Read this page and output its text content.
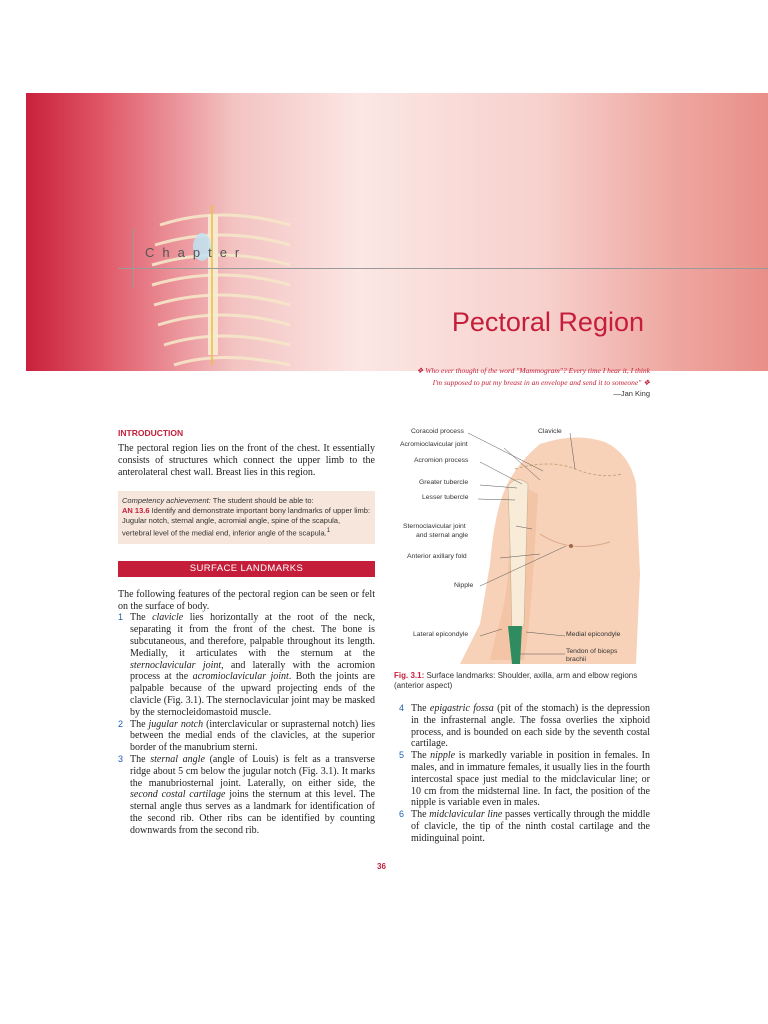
Chapter
Pectoral Region
❖ Who ever thought of the word "Mammogram"? Every time I hear it, I think
I'm supposed to put my breast in an envelope and send it to someone" ❖
—Jan King
INTRODUCTION

The pectoral region lies on the front of the chest. It essentially consists of structures which connect the upper limb to the anterolateral chest wall. Breast lies in this region.

Competency achievement: The student should be able to:
AN 13.6 Identify and demonstrate important bony landmarks of upper limb: Jugular notch, sternal angle, acromial angle, spine of the scapula, vertebral level of the medial end, inferior angle of the scapula.$^1$
SURFACE LANDMARKS

The following features of the pectoral region can be seen or felt on the surface of body.

1 The clavicle lies horizontally at the root of the neck, separating it from the front of the chest. The bone is subcutaneous, and therefore, palpable throughout its length. Medially, it articulates with the sternum at the sternoclavicular joint, and laterally with the acromion process at the acromioclavicular joint. Both the joints are palpable because of the upward projecting ends of the clavicle (Fig. 3.1). The sternoclavicular joint may be masked by the sternocleidomastoid muscle.
2 The jugular notch (interclavicular or suprasternal notch) lies between the medial ends of the clavicles, at the superior border of the manubrium sterni.
3 The sternal angle (angle of Louis) is felt as a transverse ridge about 5 cm below the jugular notch (Fig. 3.1). It marks the manubriosternal joint. Laterally, on either side, the second costal cartilage joins the sternum at this level. The sternal angle thus serves as a landmark for identification of the second rib. Other ribs can be identified by counting downwards from the second rib.
Coracoid process
Acromioclavicular joint
Acromion process
Greater tubercle
Lesser tubercle
Sternoclavicular joint
and sternal angle
Anterior axillary fold
Nipple
Lateral epicondyle
Clavicle
Medial epicondyle
Tendon of biceps
brachii
Fig. 3.1: Surface landmarks: Shoulder, axilla, arm and elbow regions (anterior aspect)
4 The epigastric fossa (pit of the stomach) is the depression in the infrasternal angle. The fossa overlies the xiphoid process, and is bounded on each side by the seventh costal cartilage.
5 The nipple is markedly variable in position in females. In males, and in immature females, it usually lies in the fourth intercostal space just medial to the midclavicular line; or 10 cm from the midsternal line. In fact, the position of the nipple is variable even in males.
6 The midclavicular line passes vertically through the middle of clavicle, the tip of the ninth costal cartilage and the midinguinal point.
36
